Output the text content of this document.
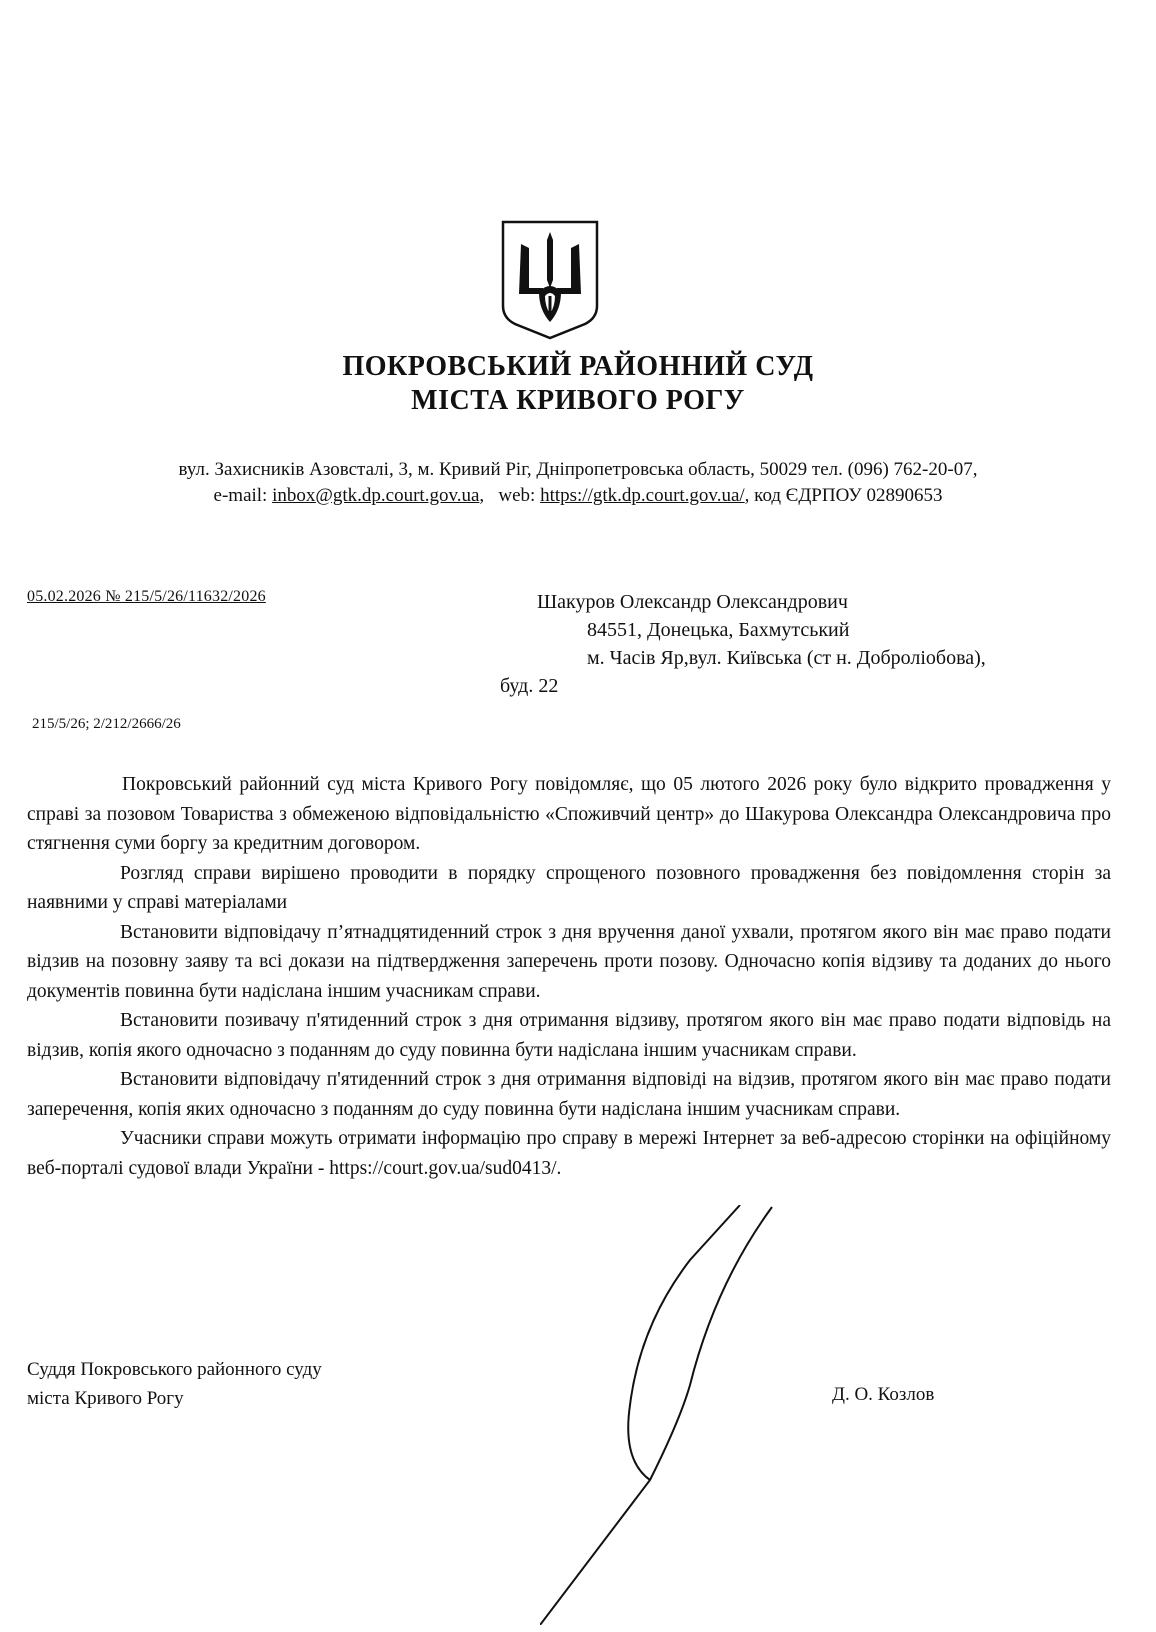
ПОКРОВСЬКИЙ РАЙОННИЙ СУД
МІСТА КРИВОГО РОГУ
вул. Захисників Азовсталі, 3, м. Кривий Ріг, Дніпропетровська область, 50029 тел. (096) 762-20-07,
e-mail: inbox@gtk.dp.court.gov.ua,   web: https://gtk.dp.court.gov.ua/, код ЄДРПОУ 02890653
05.02.2026 № 215/5/26/11632/2026	Шакуров Олександр Олександрович
84551, Донецька, Бахмутський
м. Часів Яр,вул. Київська (ст н. Доброліобова),
буд. 22
215/5/26; 2/212/2666/26

Покровський районний суд міста Кривого Рогу повідомляє, що 05 лютого 2026 року було відкрито провадження у справі за позовом Товариства з обмеженою відповідальністю «Споживчий центр» до Шакурова Олександра Олександровича про стягнення суми боргу за кредитним договором.

Розгляд справи вирішено проводити в порядку спрощеного позовного провадження без повідомлення сторін за наявними у справі матеріалами

Встановити відповідачу п’ятнадцятиденний строк з дня вручення даної ухвали, протягом якого він має право подати відзив на позовну заяву та всі докази на підтвердження заперечень проти позову. Одночасно копія відзиву та доданих до нього документів повинна бути надіслана іншим учасникам справи.

Встановити позивачу п'ятиденний строк з дня отримання відзиву, протягом якого він має право подати відповідь на відзив, копія якого одночасно з поданням до суду повинна бути надіслана іншим учасникам справи.

Встановити відповідачу п'ятиденний строк з дня отримання відповіді на відзив, протягом якого він має право подати заперечення, копія яких одночасно з поданням до суду повинна бути надіслана іншим учасникам справи.

Учасники справи можуть отримати інформацію про справу в мережі Інтернет за веб-адресою сторінки на офіційному веб-порталі судової влади України - https://court.gov.ua/sud0413/.

Суддя Покровського районного суду
міста Кривого Рогу	Д. О. Козлов
